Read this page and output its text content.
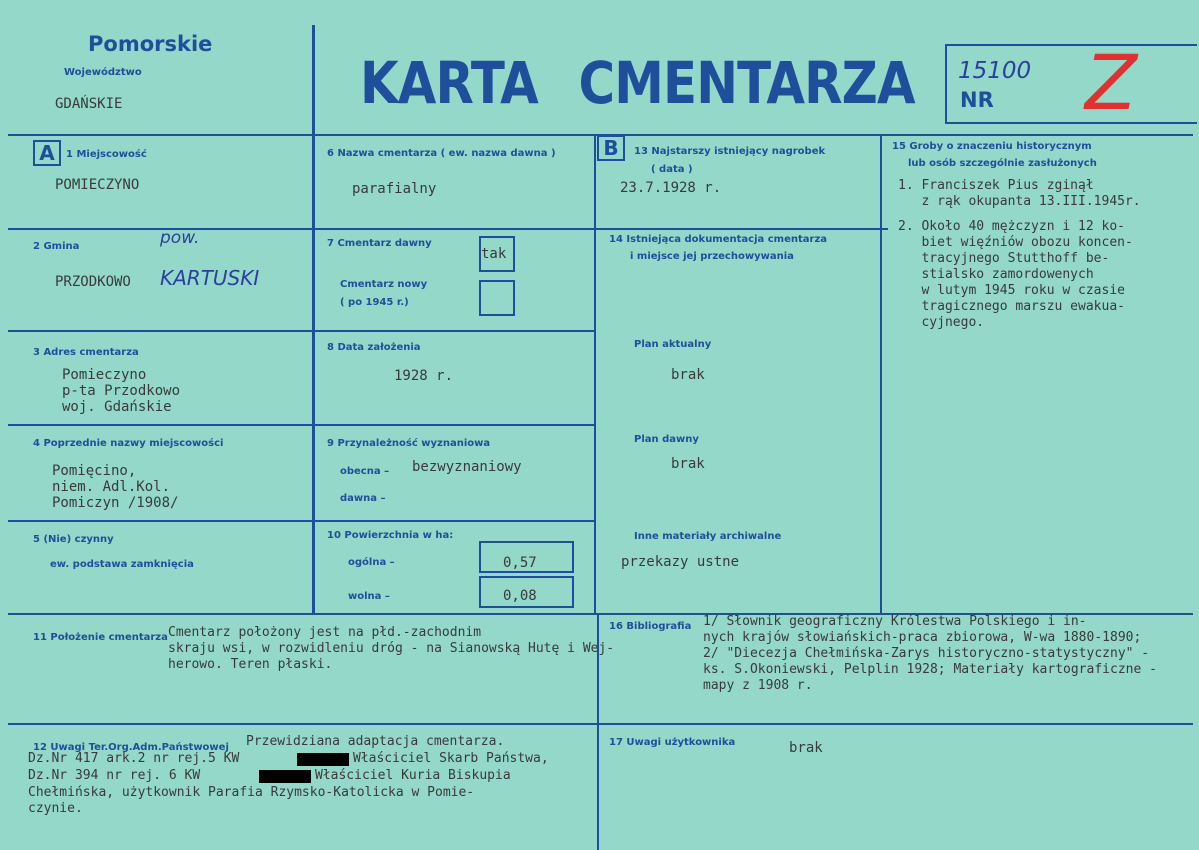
Pomorskie
Województwo
GDAŃSKIE	KARTA CMENTARZA 15100
NR Z
A	1 Miejscowość
POMIECZYNO
2 Gmina	pow.
PRZODKOWO KARTUSKI
3 Adres cmentarza
Pomieczyno
p-ta Przodkowo
woj. Gdańskie
4 Poprzednie nazwy miejscowości
Pomięcino,
niem. Adl.Kol.
Pomiczyn /1908/
5 (Nie) czynny
ew. podstawa zamknięcia
6 Nazwa cmentarza ( ew. nazwa dawna )
parafialny
7 Cmentarz dawny
tak
Cmentarz nowy
( po 1945 r.)
8 Data założenia
1928 r.
9 Przynależność wyznaniowa
obecna – bezwyznaniowy
dawna –
10 Powierzchnia w ha:
ogólna –	0,57
wolna –	0,08
B	13 Najstarszy istniejący nagrobek
( data )
23.7.1928 r.
14 Istniejąca dokumentacja cmentarza
i miejsce jej przechowywania
Plan aktualny
brak
Plan dawny
brak
Inne materiały archiwalne
przekazy ustne
15 Groby o znaczeniu historycznym
lub osób szczególnie zasłużonych
1. Franciszek Pius zginął
z rąk okupanta 13.III.1945r.
2. Około 40 mężczyzn i 12 ko-
biet więźniów obozu koncen-
tracyjnego Stutthoff be-
stialsko zamordowenych
w lutym 1945 roku w czasie
tragicznego marszu ewakua-
cyjnego.
11 Położenie cmentarza Cmentarz położony jest na płd.-zachodnim
skraju wsi, w rozwidleniu dróg - na Sianowską Hutę i Wej-
herowo. Teren płaski.
16 Bibliografia 1/ Słownik geograficzny Królestwa Polskiego i in-
nych krajów słowiańskich-praca zbiorowa, W-wa 1880-1890;
2/ "Diecezja Chełmińska-Zarys historyczno-statystyczny" -
ks. S.Okoniewski, Pelplin 1928; Materiały kartograficzne -
mapy z 1908 r.
12 Uwagi Ter.Org.Adm.Państwowej Przewidziana adaptacja cmentarza.
Dz.Nr 417 ark.2 nr rej.5 KW	Właściciel Skarb Państwa,
Dz.Nr 394 nr rej. 6 KW	Właściciel Kuria Biskupia
Chełmińska, użytkownik Parafia Rzymsko-Katolicka w Pomie-
czynie.
17 Uwagi użytkownika	brak
